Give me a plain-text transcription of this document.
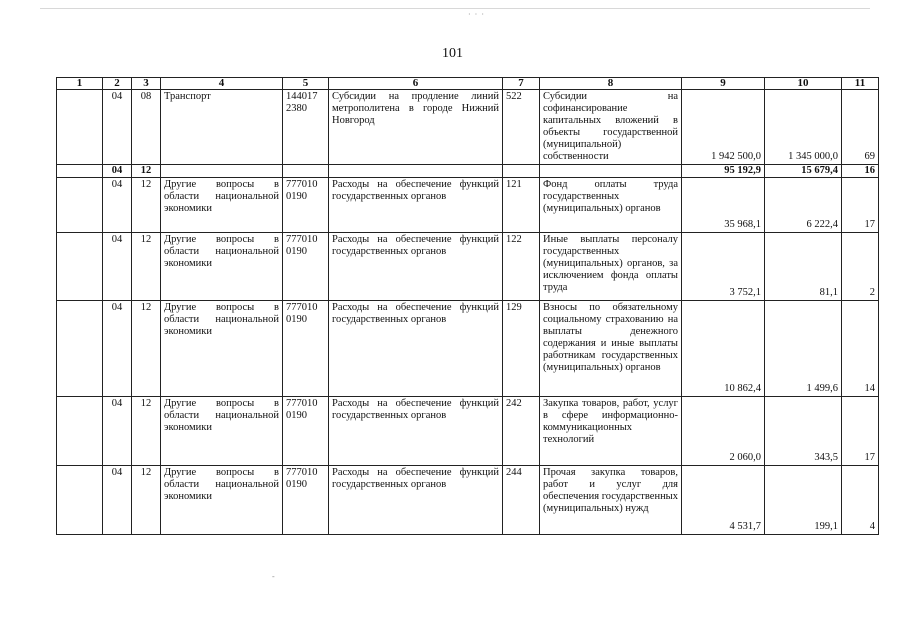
·  ·  ·
101
1	2	3	4	5	6	7	8	9	10	11
	04	08	Транспорт	144017 2380	Субсидии на продление линий метрополитена в городе Нижний Новгород	522	Субсидии на софинансирование капитальных вложений в объекты государственной (муниципальной) собственности	1 942 500,0	1 345 000,0	69
	04	12						95 192,9	15 679,4	16
	04	12	Другие вопросы в области национальной экономики	777010 0190	Расходы на обеспечение функций государственных органов	121	Фонд оплаты труда государственных (муниципальных) органов	35 968,1	6 222,4	17
	04	12	Другие вопросы в области национальной экономики	777010 0190	Расходы на обеспечение функций государственных органов	122	Иные выплаты персоналу государственных (муниципальных) органов, за исключением фонда оплаты труда	3 752,1	81,1	2
	04	12	Другие вопросы в области национальной экономики	777010 0190	Расходы на обеспечение функций государственных органов	129	Взносы по обязательному социальному страхованию на выплаты денежного содержания и иные выплаты работникам государственных (муниципальных) органов	10 862,4	1 499,6	14
	04	12	Другие вопросы в области национальной экономики	777010 0190	Расходы на обеспечение функций государственных органов	242	Закупка товаров, работ, услуг в сфере информационно-коммуникационных технологий	2 060,0	343,5	17
	04	12	Другие вопросы в области национальной экономики	777010 0190	Расходы на обеспечение функций государственных органов	244	Прочая закупка товаров, работ и услуг для обеспечения государственных (муниципальных) нужд	4 531,7	199,1	4
-
